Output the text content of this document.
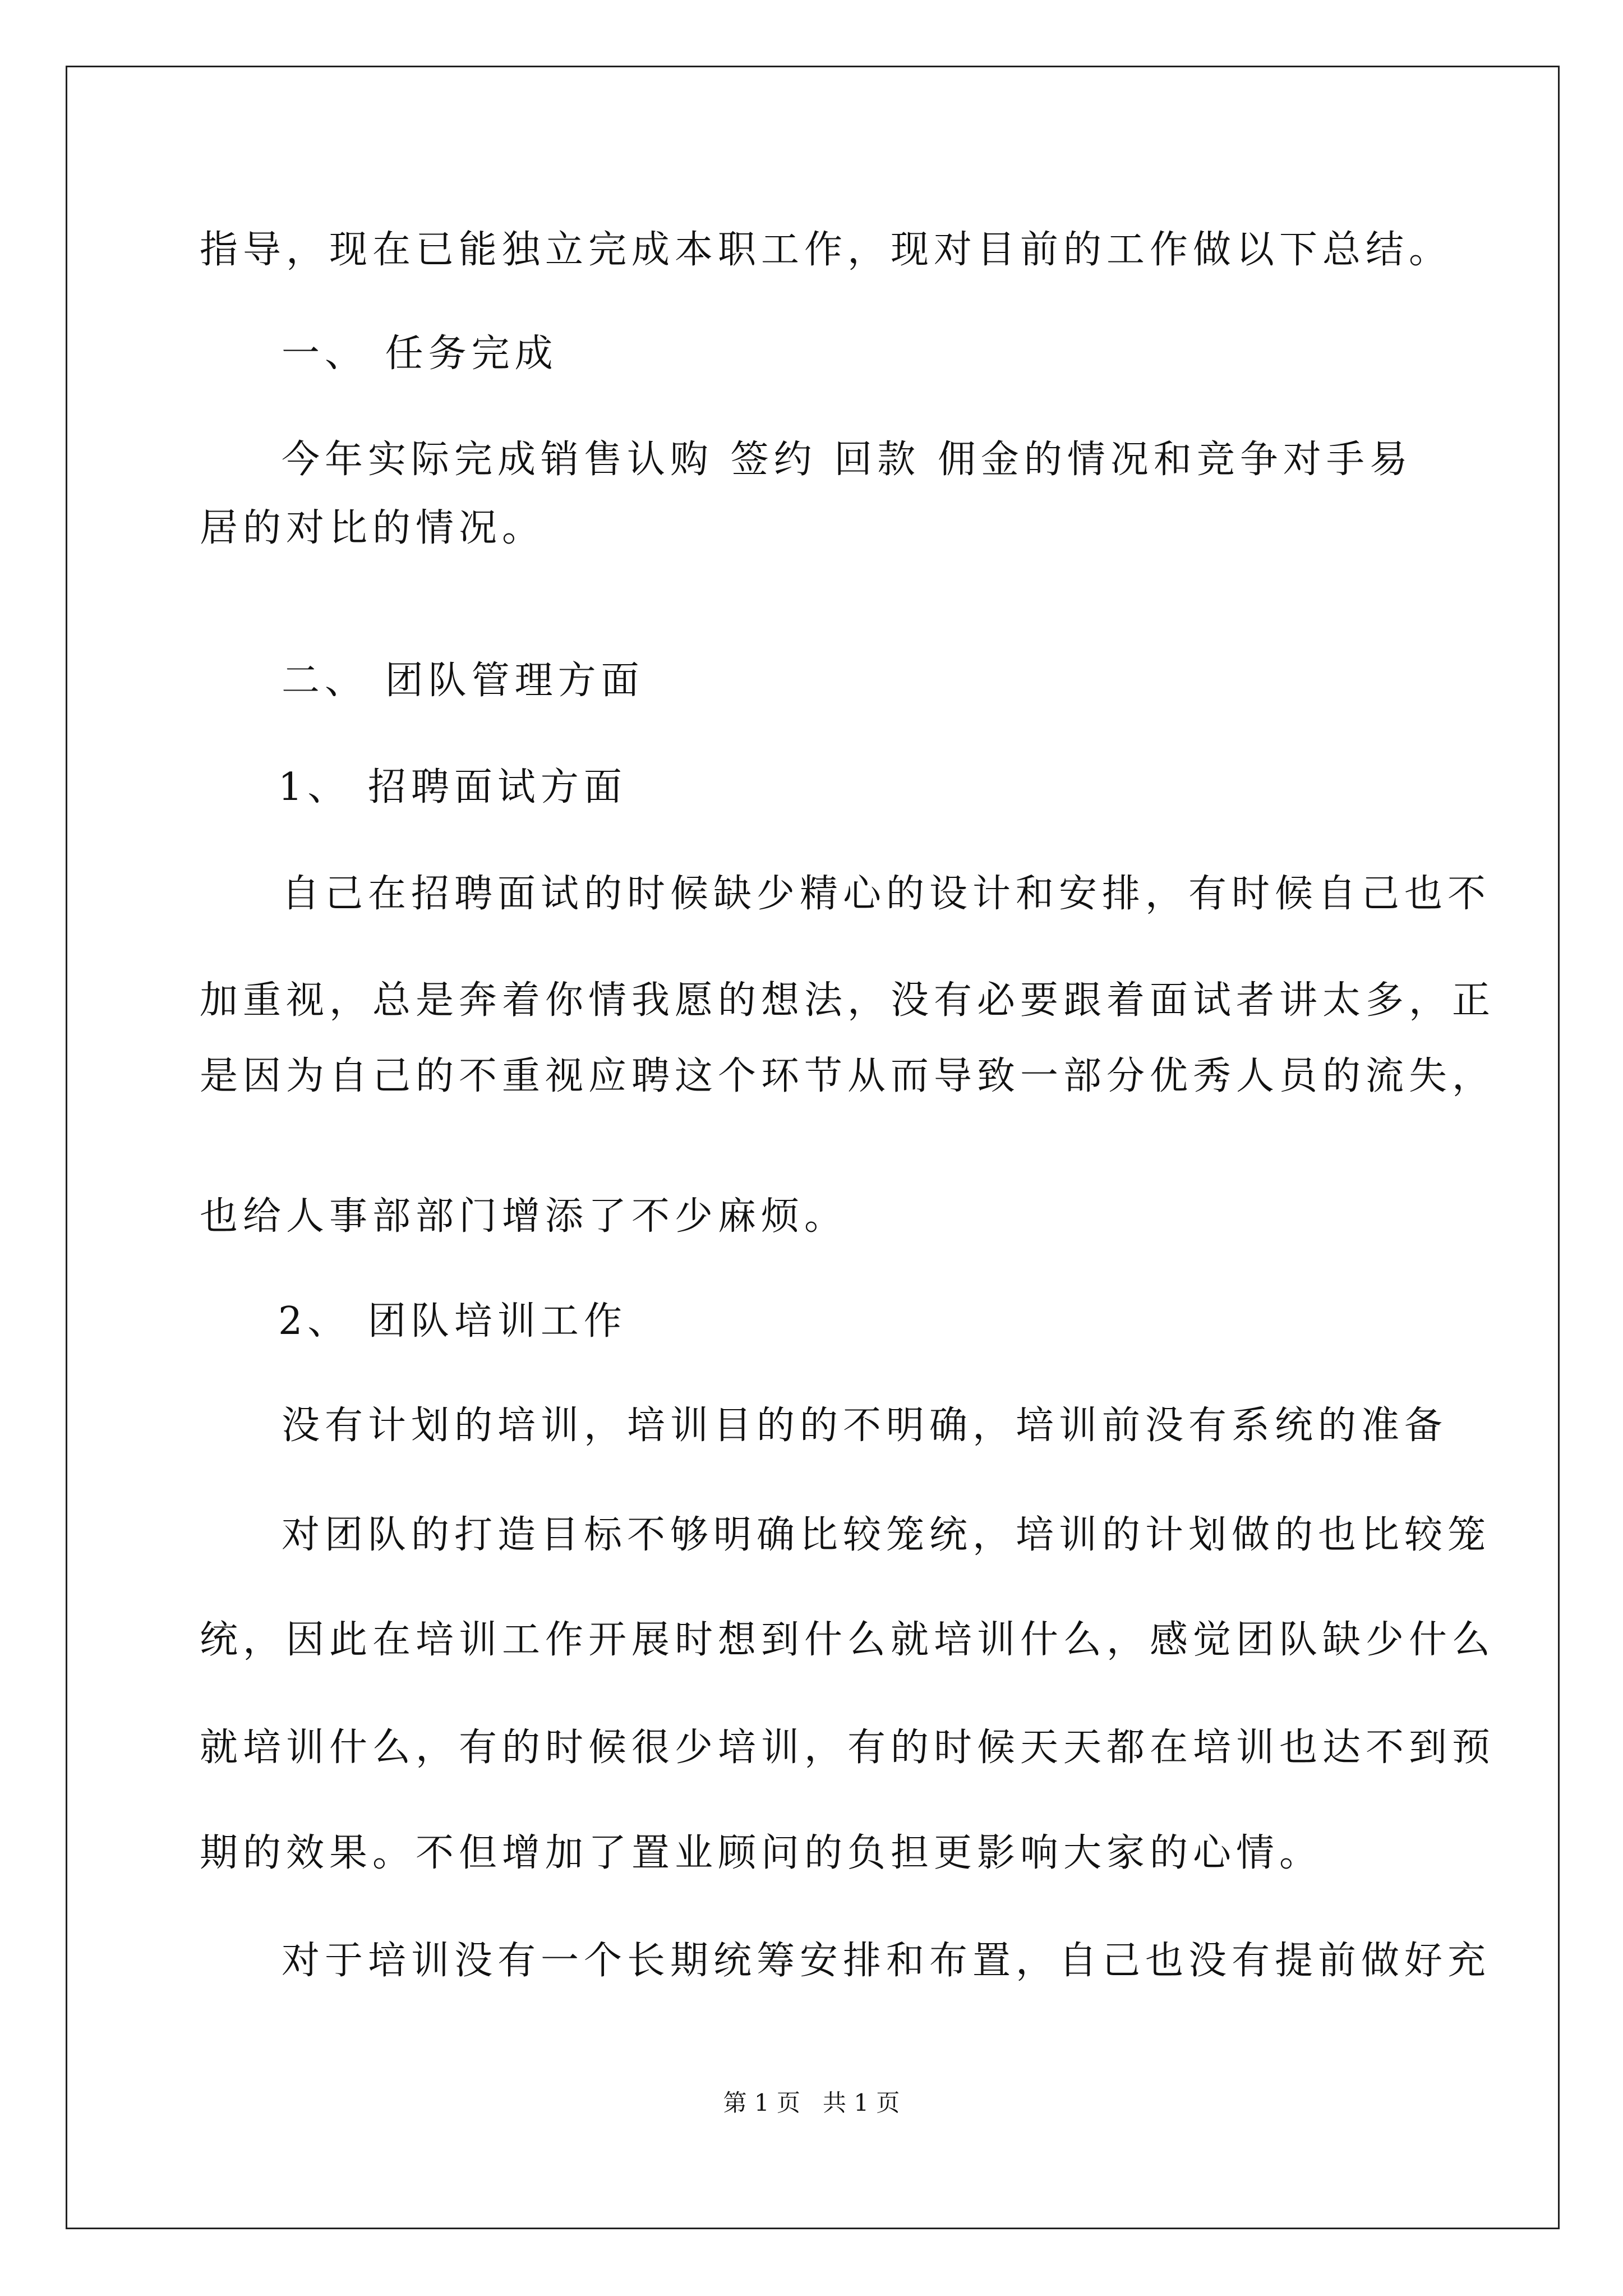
指导，现在已能独立完成本职工作，现对目前的工作做以下总结。
一、 任务完成
今年实际完成销售认购 签约 回款 佣金的情况和竞争对手易
居的对比的情况。
二、 团队管理方面
1、 招聘面试方面
自己在招聘面试的时候缺少精心的设计和安排，有时候自己也不
加重视，总是奔着你情我愿的想法，没有必要跟着面试者讲太多，正
是因为自己的不重视应聘这个环节从而导致一部分优秀人员的流失，
也给人事部部门增添了不少麻烦。
2、 团队培训工作
没有计划的培训，培训目的的不明确，培训前没有系统的准备
对团队的打造目标不够明确比较笼统，培训的计划做的也比较笼
统，因此在培训工作开展时想到什么就培训什么，感觉团队缺少什么
就培训什么，有的时候很少培训，有的时候天天都在培训也达不到预
期的效果。不但增加了置业顾问的负担更影响大家的心情。
对于培训没有一个长期统筹安排和布置，自己也没有提前做好充
第 1 页 共 1 页
